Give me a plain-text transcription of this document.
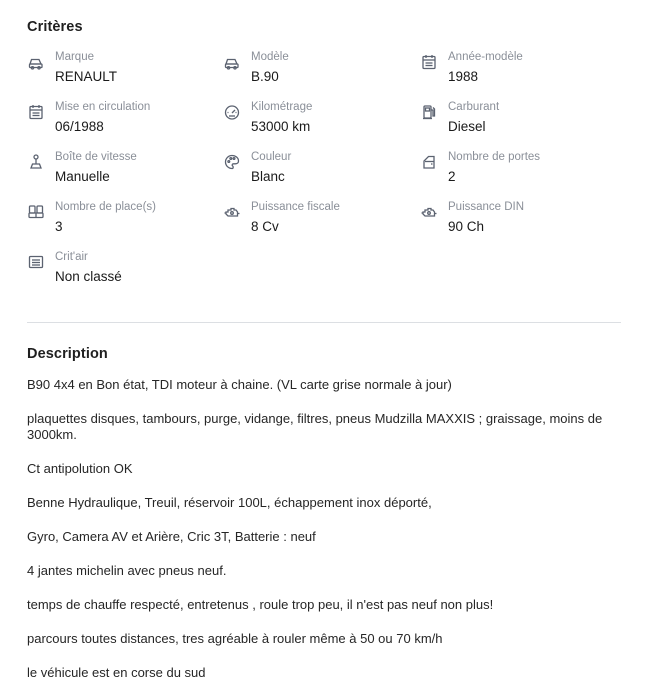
Critères
Marque
RENAULT
Modèle
B.90
Année-modèle
1988
Mise en circulation
06/1988
Kilométrage
53000 km
Carburant
Diesel
Boîte de vitesse
Manuelle
Couleur
Blanc
Nombre de portes
2
Nombre de place(s)
3
Puissance fiscale
8 Cv
Puissance DIN
90 Ch
Crit'air
Non classé
Description

B90 4x4 en Bon état, TDI moteur à chaine. (VL carte grise normale à jour)

plaquettes disques, tambours, purge, vidange, filtres, pneus Mudzilla MAXXIS ; graissage, moins de 3000km.

Ct antipolution OK

Benne Hydraulique, Treuil, réservoir 100L, échappement inox déporté,

Gyro, Camera AV et Arière, Cric 3T, Batterie : neuf

4 jantes michelin avec pneus neuf.

temps de chauffe respecté, entretenus , roule trop peu, il n'est pas neuf non plus!

parcours toutes distances, tres agréable à rouler même à 50 ou 70 km/h

le véhicule est en corse du sud
